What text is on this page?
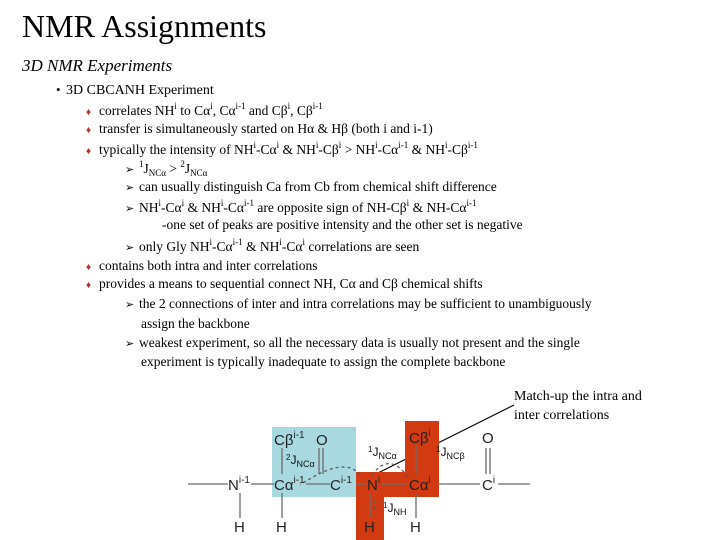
NMR Assignments
3D NMR Experiments
• 3D CBCANH Experiment
♦ correlates $NH^i$ to $C\alpha^i$, $C\alpha^{i-1}$ and $C\beta^i$, $C\beta^{i-1}$
♦ transfer is simultaneously started on Hα & Hβ (both i and i-1)
♦ typically the intensity of $NH^i-C\alpha^i$ & $NH^i-C\beta^i > NH^i-C\alpha^{i-1}$ & $NH^i-C\beta^{i-1}$
➢ $^1J_{NC\alpha} > ^2J_{NC\alpha}$
➢ can usually distinguish Ca from Cb from chemical shift difference
➢ $NH^i-C\alpha^i$ & $NH^i-C\alpha^{i-1}$ are opposite sign of $NH-C\beta^i$ & $NH-C\alpha^{i-1}$
-one set of peaks are positive intensity and the other set is negative
➢ only Gly $NH^i-C\alpha^{i-1}$ & $NH^i-C\alpha^i$ correlations are seen
♦ contains both intra and inter correlations
♦ provides a means to sequential connect NH, Cα and Cβ chemical shifts
➢ the 2 connections of inter and intra correlations may be sufficient to unambiguously
assign the backbone
➢ weakest experiment, so all the necessary data is usually not present and the single
experiment is typically inadequate to assign the complete backbone
Match-up the intra and inter correlations
$N^{i-1}$ $C\alpha^{i-1}$ $C^{i-1}$
$C\beta^{i-1}$ O
$N^i$ $C\alpha^i$	$C^i$
$C\beta^i$	O
H H	H H
$^2J_{NC\alpha}$
$^1J_{NC\alpha}$
$^1J_{NC\beta}$
$^1J_{NH}$
